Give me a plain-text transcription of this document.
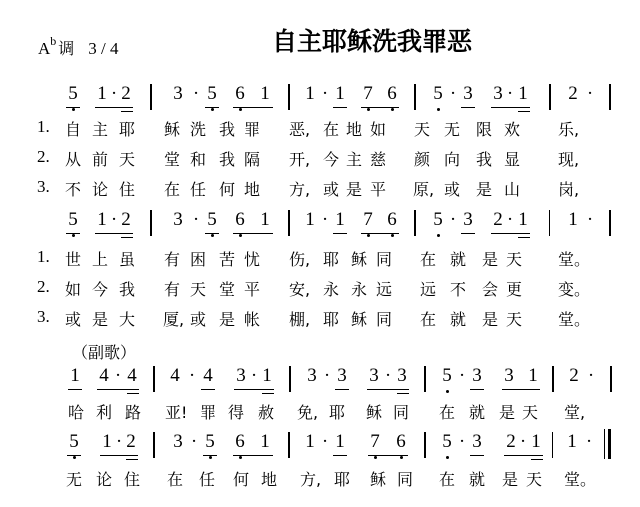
自主耶稣洗我罪恶
$A^b$ 调 3 / 4
5 1 · 2 3 · 5 6 1 1 · 1 7 6 5 · 3 3 · 1 2 ·
1. 自 主 耶 稣 洗 我 罪 恶, 在 地 如 天 无 限 欢 乐,
2. 从 前 天 堂 和 我 隔 开, 今 主 慈 颜 向 我 显 现,
3. 不 论 住 在 任 何 地 方, 或 是 平 原, 或 是 山 岗,
5 1 · 2 3 · 5 6 1 1 · 1 7 6 5 · 3 2 · 1 1 ·
1. 世 上 虽 有 困 苦 忧 伤, 耶 稣 同 在 就 是 天 堂。
2. 如 今 我 有 天 堂 平 安, 永 永 远 远 不 会 更 变。
3. 或 是 大 厦, 或 是 帐 棚, 耶 稣 同 在 就 是 天 堂。
（副歌）
1 4 · 4 4 · 4 3 · 1 3 · 3 3 · 3 5 · 3 3 1 2 ·
哈 利 路 亚! 罪 得 赦 免, 耶 稣 同 在 就 是 天 堂,
5 1 · 2 3 · 5 6 1 1 · 1 7 6 5 · 3 2 · 1 1 ·
无 论 住 在 任 何 地 方, 耶 稣 同 在 就 是 天 堂。
